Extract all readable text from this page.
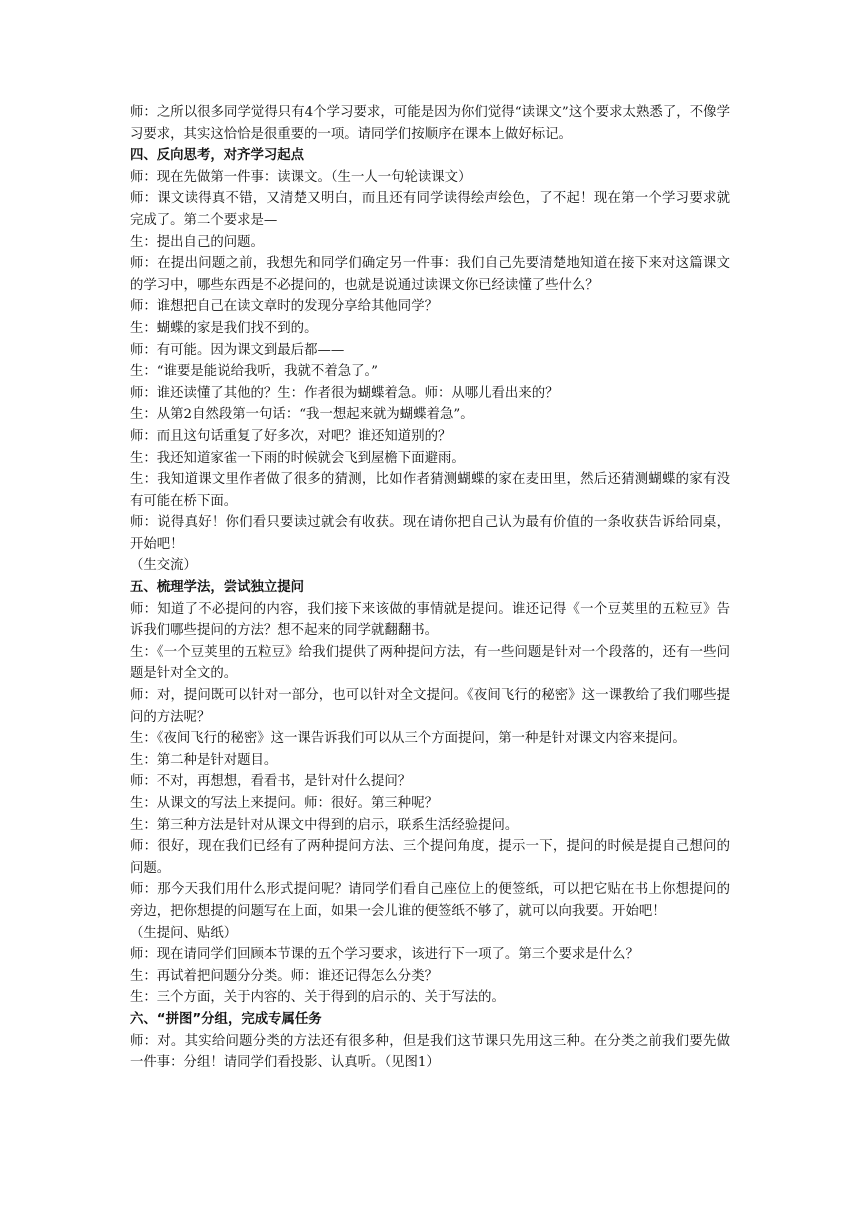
师：之所以很多同学觉得只有4个学习要求，可能是因为你们觉得“读课文”这个要求太熟悉了，不像学习要求，其实这恰恰是很重要的一项。请同学们按顺序在课本上做好标记。

四、反向思考，对齐学习起点

师：现在先做第一件事：读课文。（生一人一句轮读课文）

师：课文读得真不错，又清楚又明白，而且还有同学读得绘声绘色，了不起！现在第一个学习要求就完成了。第二个要求是—

生：提出自己的问题。

师：在提出问题之前，我想先和同学们确定另一件事：我们自己先要清楚地知道在接下来对这篇课文的学习中，哪些东西是不必提问的，也就是说通过读课文你已经读懂了些什么？

师：谁想把自己在读文章时的发现分享给其他同学？

生：蝴蝶的家是我们找不到的。

师：有可能。因为课文到最后都——

生：“谁要是能说给我听，我就不着急了。”

师：谁还读懂了其他的？生：作者很为蝴蝶着急。师：从哪儿看出来的？

生：从第2自然段第一句话：“我一想起来就为蝴蝶着急”。

师：而且这句话重复了好多次，对吧？谁还知道别的？

生：我还知道家雀一下雨的时候就会飞到屋檐下面避雨。

生：我知道课文里作者做了很多的猜测，比如作者猜测蝴蝶的家在麦田里，然后还猜测蝴蝶的家有没有可能在桥下面。

师：说得真好！你们看只要读过就会有收获。现在请你把自己认为最有价值的一条收获告诉给同桌，开始吧！

（生交流）

五、梳理学法，尝试独立提问

师：知道了不必提问的内容，我们接下来该做的事情就是提问。谁还记得《一个豆荚里的五粒豆》告诉我们哪些提问的方法？想不起来的同学就翻翻书。

生：《一个豆荚里的五粒豆》给我们提供了两种提问方法，有一些问题是针对一个段落的，还有一些问题是针对全文的。

师：对，提问既可以针对一部分，也可以针对全文提问。《夜间飞行的秘密》这一课教给了我们哪些提问的方法呢？

生：《夜间飞行的秘密》这一课告诉我们可以从三个方面提问，第一种是针对课文内容来提问。

生：第二种是针对题目。

师：不对，再想想，看看书，是针对什么提问？

生：从课文的写法上来提问。师：很好。第三种呢？

生：第三种方法是针对从课文中得到的启示，联系生活经验提问。

师：很好，现在我们已经有了两种提问方法、三个提问角度，提示一下，提问的时候是提自己想问的问题。

师：那今天我们用什么形式提问呢？请同学们看自己座位上的便签纸，可以把它贴在书上你想提问的旁边，把你想提的问题写在上面，如果一会儿谁的便签纸不够了，就可以向我要。开始吧！

（生提问、贴纸）

师：现在请同学们回顾本节课的五个学习要求，该进行下一项了。第三个要求是什么？

生：再试着把问题分分类。师：谁还记得怎么分类？

生：三个方面，关于内容的、关于得到的启示的、关于写法的。

六、“拼图”分组，完成专属任务

师：对。其实给问题分类的方法还有很多种，但是我们这节课只先用这三种。在分类之前我们要先做一件事：分组！请同学们看投影、认真听。（见图1）
